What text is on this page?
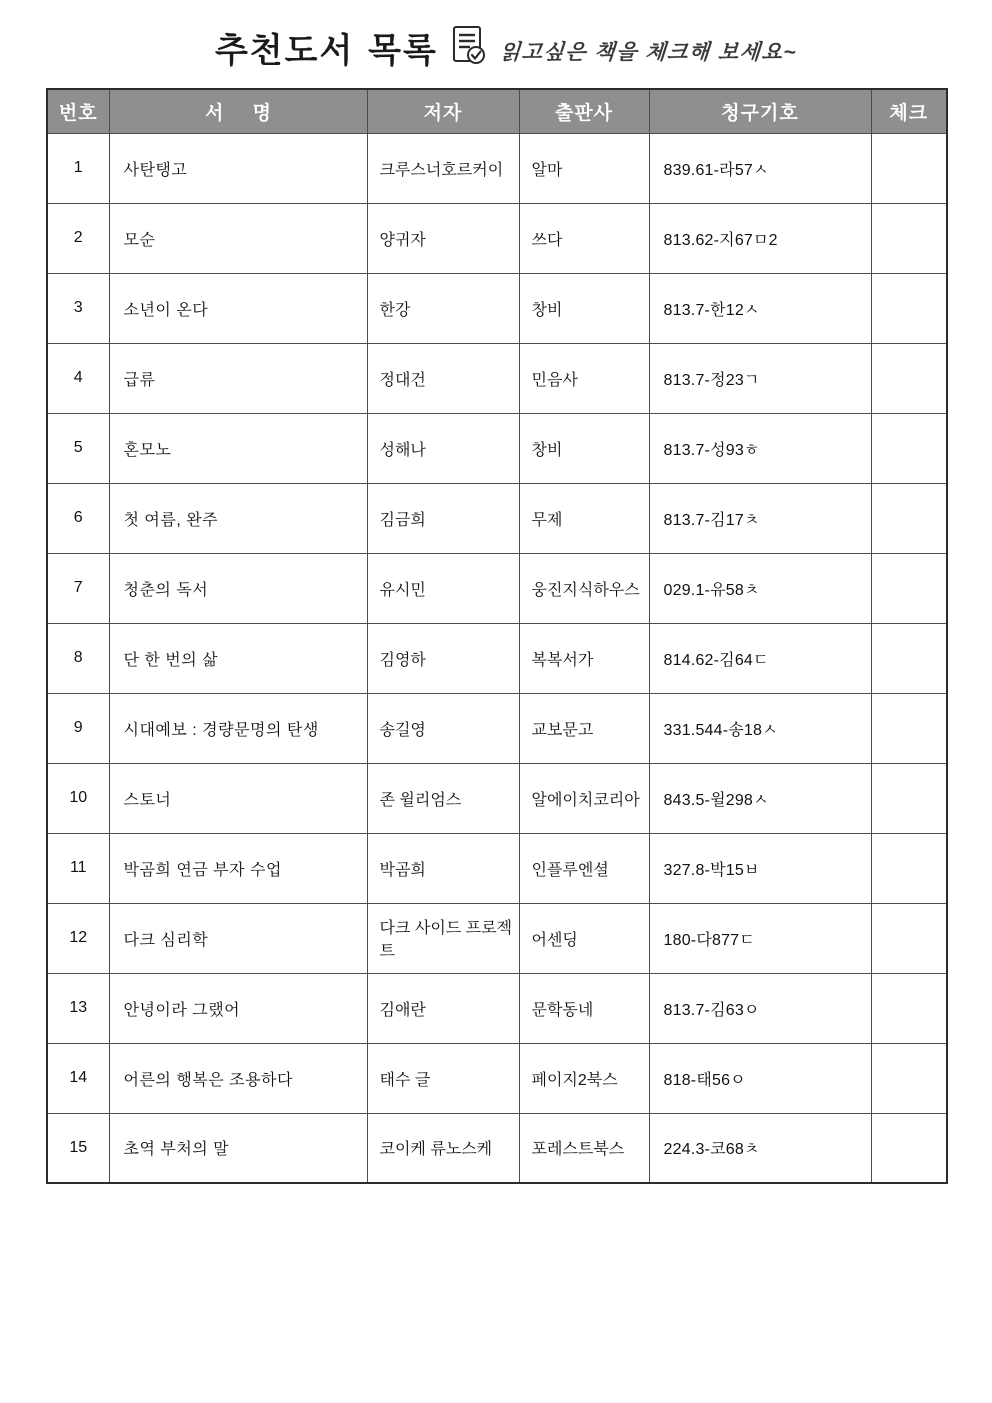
추천도서 목록	읽고싶은 책을 체크해 보세요~
번호	서 명	저자	출판사	청구기호	체크
1	사탄탱고	크루스너호르커이	알마	839.61-라57ㅅ	
2	모순	양귀자	쓰다	813.62-지67ㅁ2	
3	소년이 온다	한강	창비	813.7-한12ㅅ	
4	급류	정대건	민음사	813.7-정23ㄱ	
5	혼모노	성해나	창비	813.7-성93ㅎ	
6	첫 여름, 완주	김금희	무제	813.7-김17ㅊ	
7	청춘의 독서	유시민	웅진지식하우스	029.1-유58ㅊ	
8	단 한 번의 삶	김영하	복복서가	814.62-김64ㄷ	
9	시대예보 : 경량문명의 탄생	송길영	교보문고	331.544-송18ㅅ	
10	스토너	존 윌리엄스	알에이치코리아	843.5-윌298ㅅ	
11	박곰희 연금 부자 수업	박곰희	인플루엔셜	327.8-박15ㅂ	
12	다크 심리학	다크 사이드 프로젝트	어센딩	180-다877ㄷ	
13	안녕이라 그랬어	김애란	문학동네	813.7-김63ㅇ	
14	어른의 행복은 조용하다	태수 글	페이지2북스	818-태56ㅇ	
15	초역 부처의 말	코이케 류노스케	포레스트북스	224.3-코68ㅊ	
